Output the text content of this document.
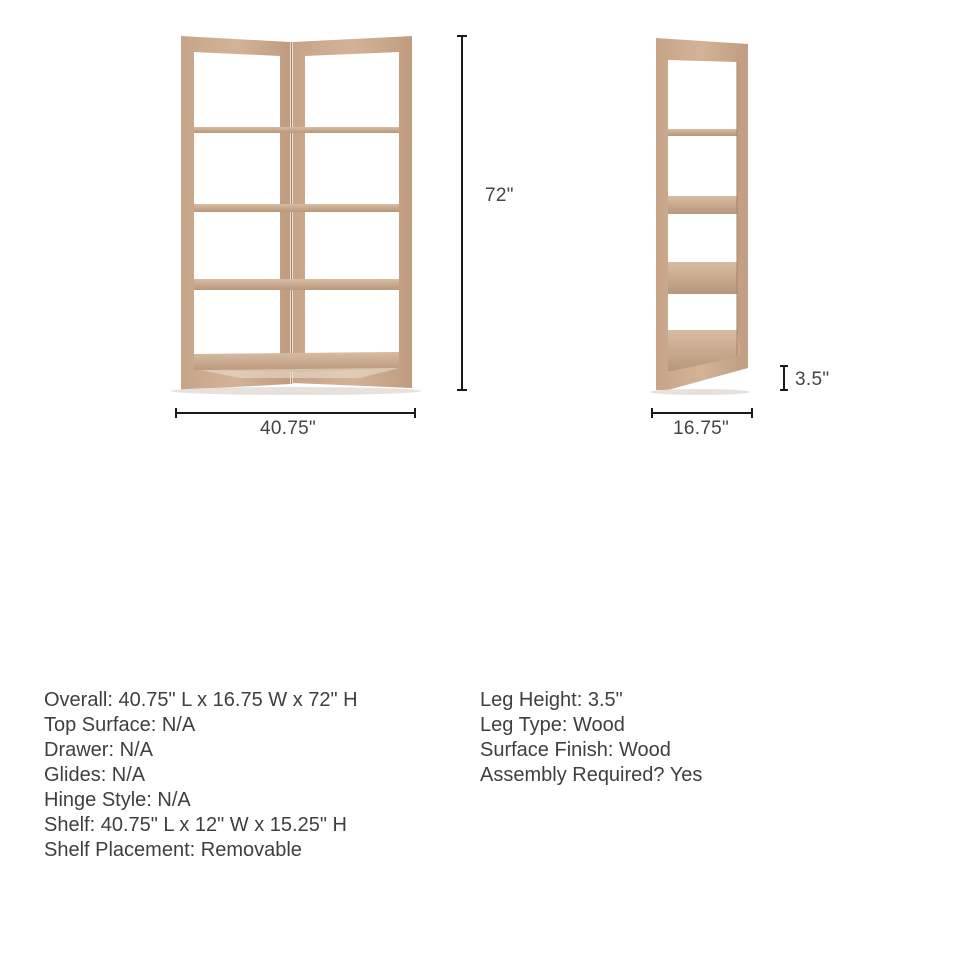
72"
40.75"	16.75"
3.5"
Overall: 40.75" L x 16.75 W x 72" H
Top Surface: N/A
Drawer: N/A
Glides: N/A
Hinge Style: N/A
Shelf: 40.75" L x 12" W x 15.25" H
Shelf Placement: Removable
Leg Height: 3.5"
Leg Type: Wood
Surface Finish: Wood
Assembly Required? Yes
